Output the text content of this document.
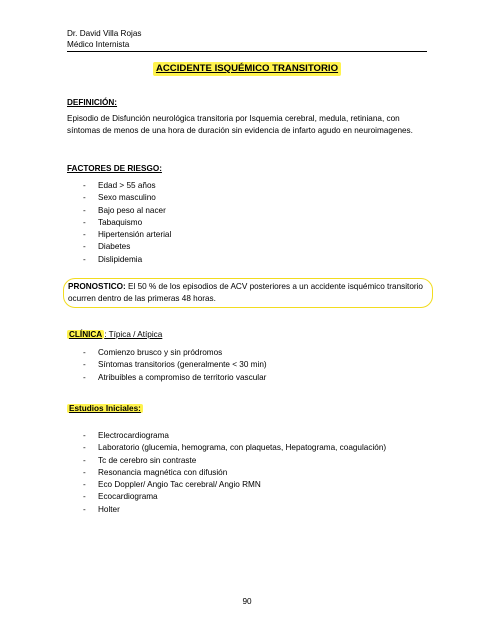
Dr. David Villa Rojas
Médico Internista
ACCIDENTE ISQUÉMICO TRANSITORIO
DEFINICIÓN:
Episodio de Disfunción neurológica transitoria por Isquemia cerebral, medula, retiniana, con síntomas de menos de una hora de duración sin evidencia de infarto agudo en neuroimagenes.
FACTORES DE RIESGO:
- Edad > 55 años
- Sexo masculino
- Bajo peso al nacer
- Tabaquismo
- Hipertensión arterial
- Diabetes
- Dislipidemia
PRONOSTICO: El 50 % de los episodios de ACV posteriores a un accidente isquémico transitorio ocurren dentro de las primeras 48 horas.
CLÍNICA : Típica / Atípica
- Comienzo brusco y sin pródromos
- Síntomas transitorios (generalmente < 30 min)
- Atribuibles a compromiso de territorio vascular
Estudios Iniciales:
- Electrocardiograma
- Laboratorio (glucemia, hemograma, con plaquetas, Hepatograma, coagulación)
- Tc de cerebro sin contraste
- Resonancia magnética con difusión
- Eco Doppler/ Angio Tac cerebral/ Angio RMN
- Ecocardiograma
- Holter
90
